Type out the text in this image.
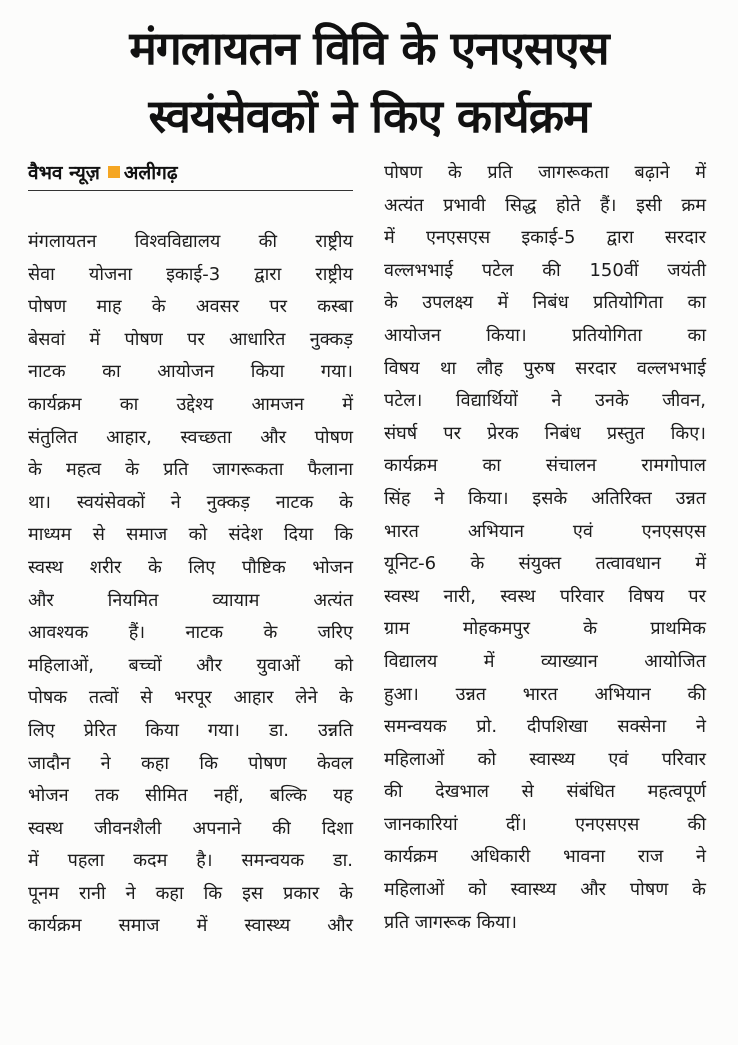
मंगलायतन विवि के एनएसएस
स्वयंसेवकों ने किए कार्यक्रम
वैभव न्यूज़ अलीगढ़
मंगलायतन विश्वविद्यालय की राष्ट्रीय
सेवा योजना इकाई-3 द्वारा राष्ट्रीय
पोषण माह के अवसर पर कस्बा
बेसवां में पोषण पर आधारित नुक्कड़
नाटक का आयोजन किया गया।
कार्यक्रम का उद्देश्य आमजन में
संतुलित आहार, स्वच्छता और पोषण
के महत्व के प्रति जागरूकता फैलाना
था। स्वयंसेवकों ने नुक्कड़ नाटक के
माध्यम से समाज को संदेश दिया कि
स्वस्थ शरीर के लिए पौष्टिक भोजन
और नियमित व्यायाम अत्यंत
आवश्यक हैं। नाटक के जरिए
महिलाओं, बच्चों और युवाओं को
पोषक तत्वों से भरपूर आहार लेने के
लिए प्रेरित किया गया। डा. उन्नति
जादौन ने कहा कि पोषण केवल
भोजन तक सीमित नहीं, बल्कि यह
स्वस्थ जीवनशैली अपनाने की दिशा
में पहला कदम है। समन्वयक डा.
पूनम रानी ने कहा कि इस प्रकार के
कार्यक्रम समाज में स्वास्थ्य और
पोषण के प्रति जागरूकता बढ़ाने में
अत्यंत प्रभावी सिद्ध होते हैं। इसी क्रम
में एनएसएस इकाई-5 द्वारा सरदार
वल्लभभाई पटेल की 150वीं जयंती
के उपलक्ष्य में निबंध प्रतियोगिता का
आयोजन किया। प्रतियोगिता का
विषय था लौह पुरुष सरदार वल्लभभाई
पटेल। विद्यार्थियों ने उनके जीवन,
संघर्ष पर प्रेरक निबंध प्रस्तुत किए।
कार्यक्रम का संचालन रामगोपाल
सिंह ने किया। इसके अतिरिक्त उन्नत
भारत अभियान एवं एनएसएस
यूनिट-6 के संयुक्त तत्वावधान में
स्वस्थ नारी, स्वस्थ परिवार विषय पर
ग्राम मोहकमपुर के प्राथमिक
विद्यालय में व्याख्यान आयोजित
हुआ। उन्नत भारत अभियान की
समन्वयक प्रो. दीपशिखा सक्सेना ने
महिलाओं को स्वास्थ्य एवं परिवार
की देखभाल से संबंधित महत्वपूर्ण
जानकारियां दीं। एनएसएस की
कार्यक्रम अधिकारी भावना राज ने
महिलाओं को स्वास्थ्य और पोषण के
प्रति जागरूक किया।
